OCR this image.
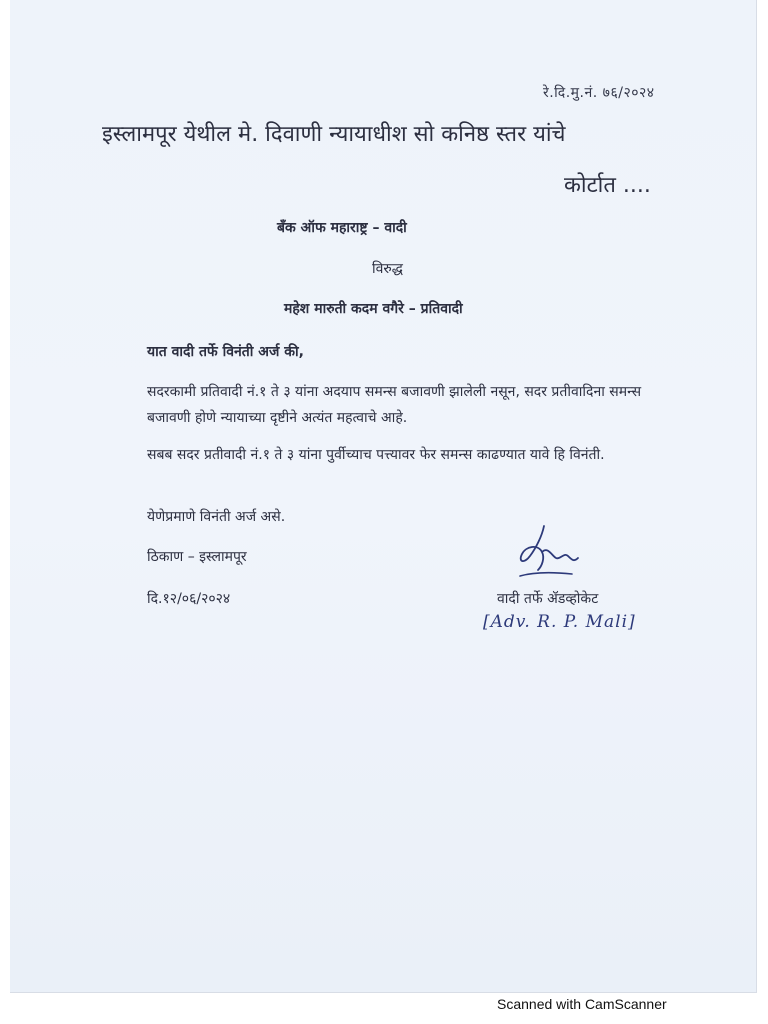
रे.दि.मु.नं. ७६/२०२४
इस्लामपूर येथील मे. दिवाणी न्यायाधीश सो कनिष्ठ स्तर यांचे
कोर्टात ....
बँक ऑफ महाराष्ट्र – वादी
विरुद्ध
महेश मारुती कदम वगैरे – प्रतिवादी
यात वादी तर्फे विनंती अर्ज की,
सदरकामी प्रतिवादी नं.१ ते ३ यांना अदयाप समन्स बजावणी झालेली नसून, सदर प्रतीवादिना समन्स बजावणी होणे न्यायाच्या दृष्टीने अत्यंत महत्वाचे आहे.
सबब सदर प्रतीवादी नं.१ ते ३ यांना पुर्वीच्याच पत्त्यावर फेर समन्स काढण्यात यावे हि विनंती.
येणेप्रमाणे विनंती अर्ज असे.
ठिकाण – इस्लामपूर
दि.१२/०६/२०२४	वादी तर्फे ॲडव्होकेट
[Adv. R. P. Mali]
Scanned with CamScanner
